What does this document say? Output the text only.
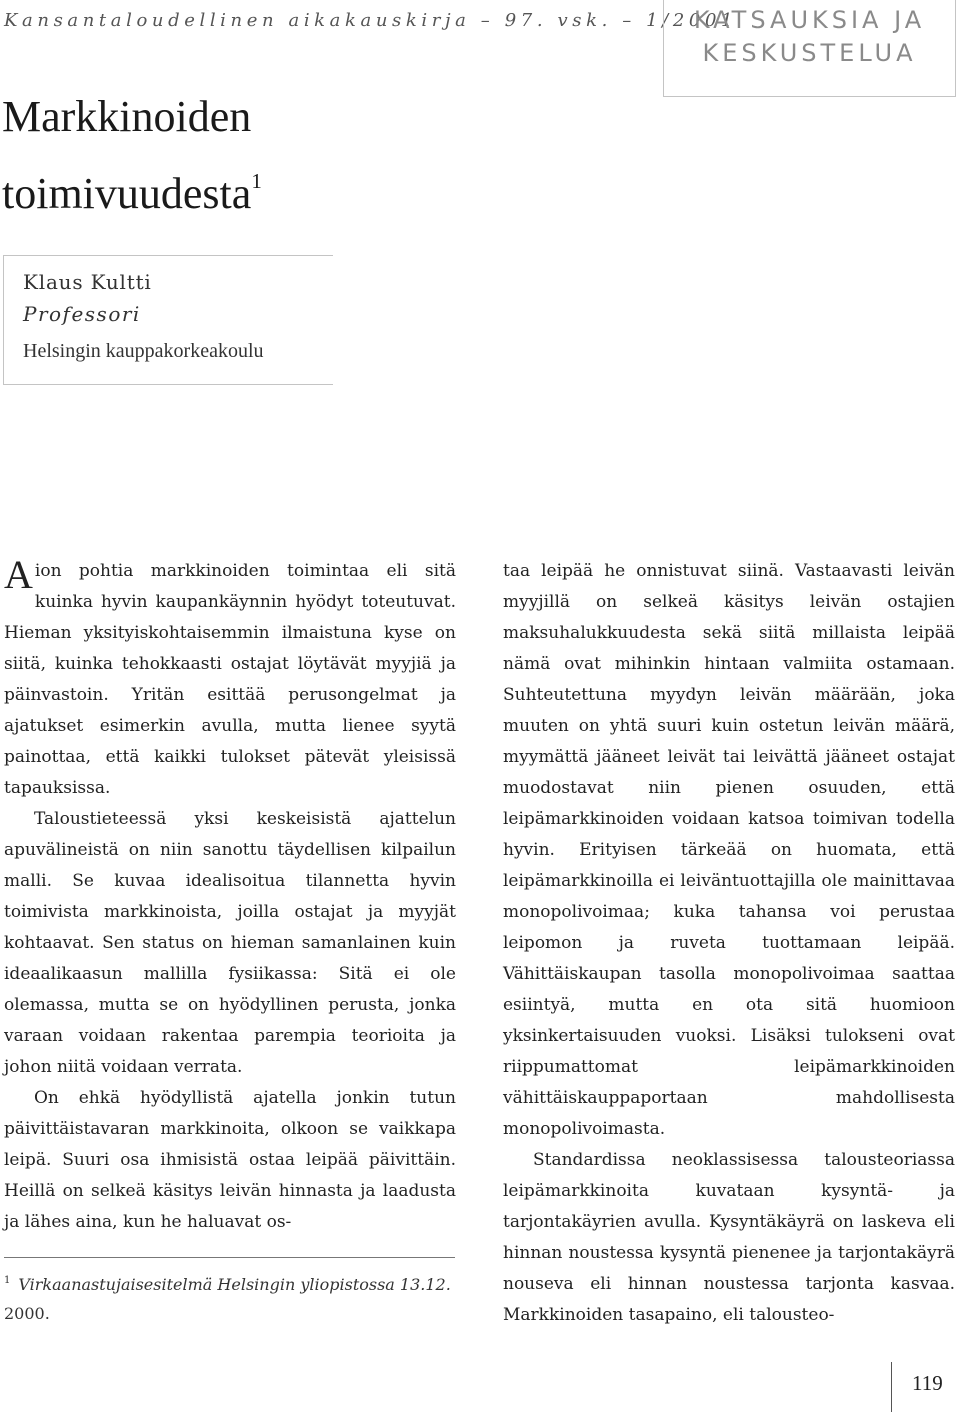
Kansantaloudellinen aikakauskirja – 97. vsk. – 1/2001
KATSAUKSIA JA
KESKUSTELUA
Markkinoiden
toimivuudesta$^1$
Klaus Kultti
Professori
Helsingin kauppakorkeakoulu

Aion pohtia markkinoiden toimintaa eli sitä kuinka hyvin kaupankäynnin hyödyt toteutuvat. Hieman yksityiskohtaisemmin ilmaistuna kyse on siitä, kuinka tehokkaasti ostajat löytävät myyjiä ja päinvastoin. Yritän esittää perusongelmat ja ajatukset esimerkin avulla, mutta lienee syytä painottaa, että kaikki tulokset pätevät yleisissä tapauksissa.

Taloustieteessä yksi keskeisistä ajattelun apuvälineistä on niin sanottu täydellisen kilpailun malli. Se kuvaa idealisoitua tilannetta hyvin toimivista markkinoista, joilla ostajat ja myyjät kohtaavat. Sen status on hieman samanlainen kuin ideaalikaasun mallilla fysiikassa: Sitä ei ole olemassa, mutta se on hyödyllinen perusta, jonka varaan voidaan rakentaa parempia teorioita ja johon niitä voidaan verrata.

On ehkä hyödyllistä ajatella jonkin tutun päivittäistavaran markkinoita, olkoon se vaikkapa leipä. Suuri osa ihmisistä ostaa leipää päivittäin. Heillä on selkeä käsitys leivän hinnasta ja laadusta ja lähes aina, kun he haluavat os-

$^1$ Virkaanastujaisesitelmä Helsingin yliopistossa 13.12.
2000.

taa leipää he onnistuvat siinä. Vastaavasti leivän myyjillä on selkeä käsitys leivän ostajien maksuhalukkuudesta sekä siitä millaista leipää nämä ovat mihinkin hintaan valmiita ostamaan. Suhteutettuna myydyn leivän määrään, joka muuten on yhtä suuri kuin ostetun leivän määrä, myymättä jääneet leivät tai leivättä jääneet ostajat muodostavat niin pienen osuuden, että leipämarkkinoiden voidaan katsoa toimivan todella hyvin. Erityisen tärkeää on huomata, että leipämarkkinoilla ei leiväntuottajilla ole mainittavaa monopolivoimaa; kuka tahansa voi perustaa leipomon ja ruveta tuottamaan leipää. Vähittäiskaupan tasolla monopolivoimaa saattaa esiintyä, mutta en ota sitä huomioon yksinkertaisuuden vuoksi. Lisäksi tulokseni ovat riippumattomat leipämarkkinoiden vähittäiskauppaportaan mahdollisesta monopolivoimasta.

Standardissa neoklassisessa talousteoriassa leipämarkkinoita kuvataan kysyntä- ja tarjontakäyrien avulla. Kysyntäkäyrä on laskeva eli hinnan noustessa kysyntä pienenee ja tarjontakäyrä nouseva eli hinnan noustessa tarjonta kasvaa. Markkinoiden tasapaino, eli talousteo-

119
